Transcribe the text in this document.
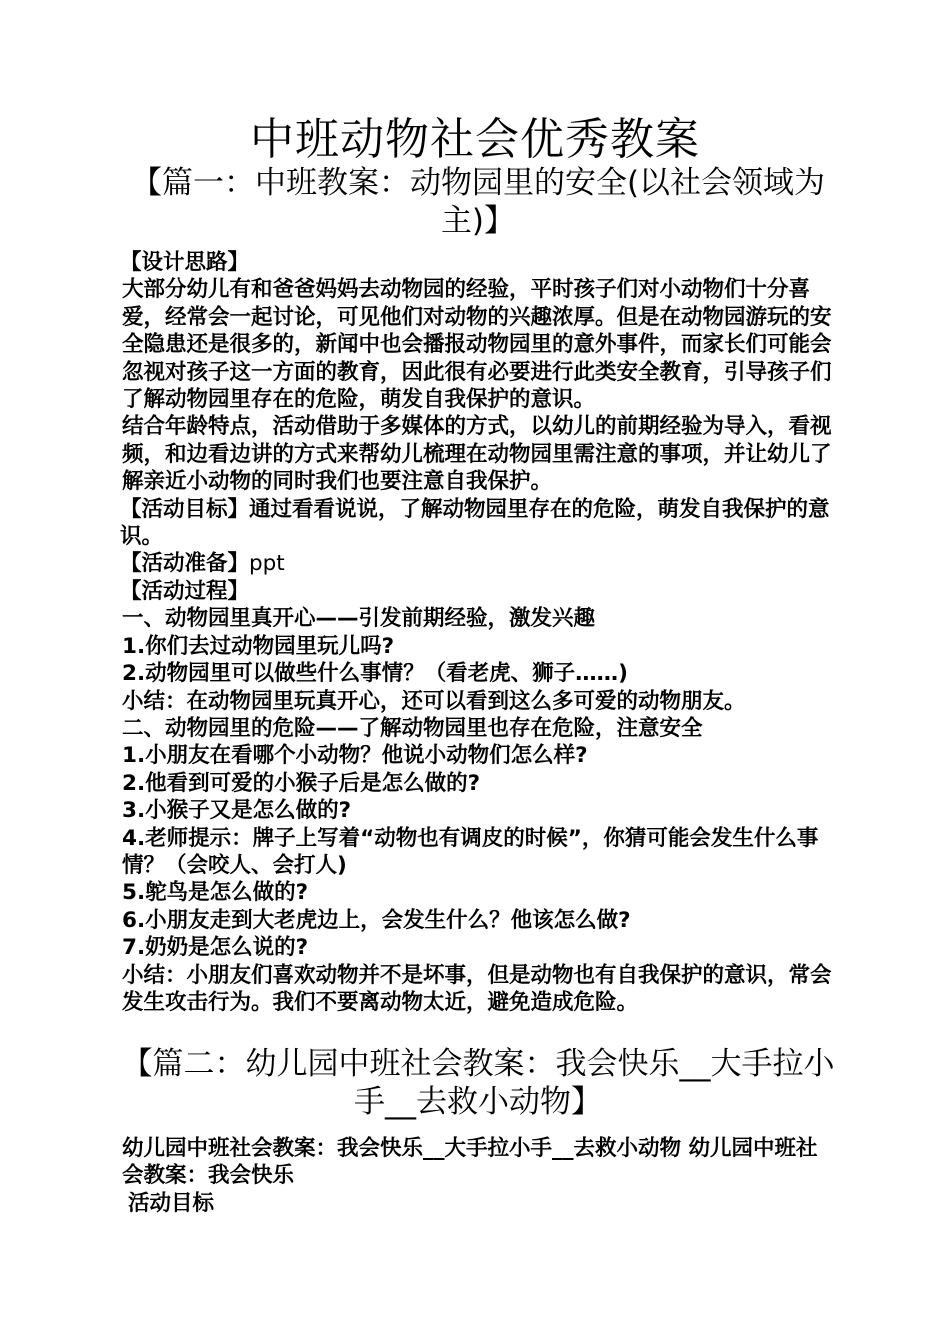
中班动物社会优秀教案
【篇一：中班教案：动物园里的安全(以社会领域为主)】

【设计思路】

大部分幼儿有和爸爸妈妈去动物园的经验，平时孩子们对小动物们十分喜爱，经常会一起讨论，可见他们对动物的兴趣浓厚。但是在动物园游玩的安全隐患还是很多的，新闻中也会播报动物园里的意外事件，而家长们可能会忽视对孩子这一方面的教育，因此很有必要进行此类安全教育，引导孩子们了解动物园里存在的危险，萌发自我保护的意识。

结合年龄特点，活动借助于多媒体的方式，以幼儿的前期经验为导入，看视频，和边看边讲的方式来帮幼儿梳理在动物园里需注意的事项，并让幼儿了解亲近小动物的同时我们也要注意自我保护。

【活动目标】通过看看说说，了解动物园里存在的危险，萌发自我保护的意识。

【活动准备】ppt

【活动过程】

一、动物园里真开心——引发前期经验，激发兴趣

1.你们去过动物园里玩儿吗?

2.动物园里可以做些什么事情？（看老虎、狮子……)

小结：在动物园里玩真开心，还可以看到这么多可爱的动物朋友。

二、动物园里的危险——了解动物园里也存在危险，注意安全

1.小朋友在看哪个小动物？他说小动物们怎么样?

2.他看到可爱的小猴子后是怎么做的?

3.小猴子又是怎么做的?

4.老师提示：牌子上写着“动物也有调皮的时候”，你猜可能会发生什么事情？（会咬人、会打人)

5.鸵鸟是怎么做的?

6.小朋友走到大老虎边上，会发生什么？他该怎么做?

7.奶奶是怎么说的?

小结：小朋友们喜欢动物并不是坏事，但是动物也有自我保护的意识，常会发生攻击行为。我们不要离动物太近，避免造成危险。

【篇二：幼儿园中班社会教案：我会快乐__大手拉小手__去救小动物】

幼儿园中班社会教案：我会快乐__大手拉小手__去救小动物 幼儿园中班社会教案：我会快乐

活动目标
